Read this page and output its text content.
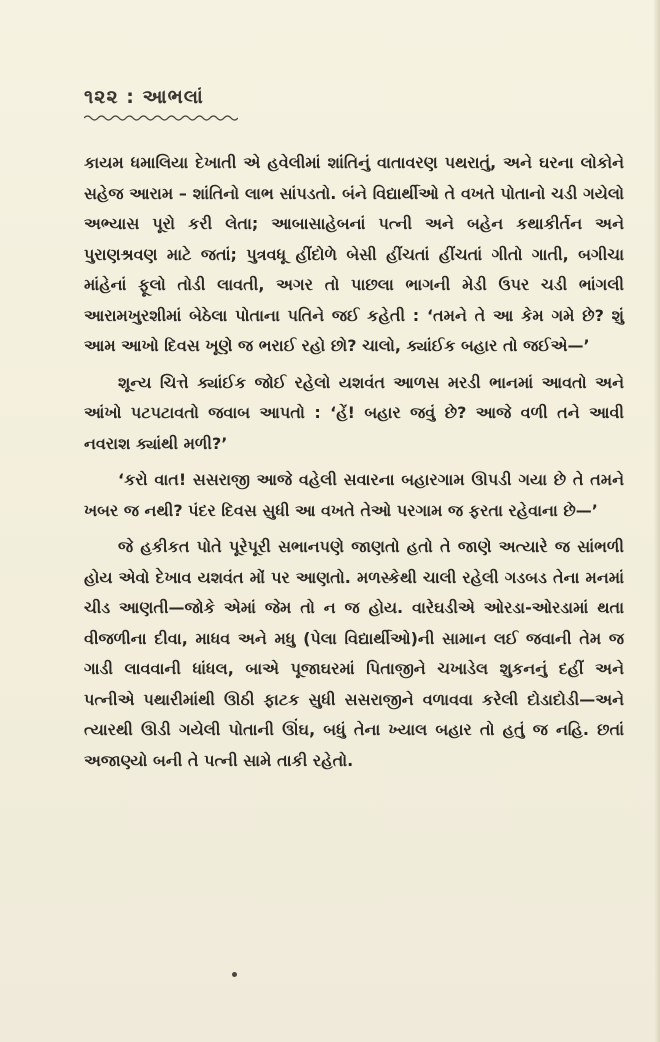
૧૨૨ : આભલાં

કાયમ ધમાલિયા દેખાતી એ હવેલીમાં શાંતિનું વાતાવરણ પથરાતું, અને ઘરના લોકોને સહેજ આરામ – શાંતિનો લાભ સાંપડતો. બંને વિદ્યાર્થીઓ તે વખતે પોતાનો ચડી ગયેલો અભ્યાસ પૂરો કરી લેતા; આબાસાહેબનાં પત્ની અને બહેન કથાકીર્તન અને પુરાણશ્રવણ માટે જતાં; પુત્રવધૂ હીંદોળે બેસી હીંચતાં હીંચતાં ગીતો ગાતી, બગીચા માંહેનાં ફૂલો તોડી લાવતી, અગર તો પાછલા ભાગની મેડી ઉપર ચડી ભાંગલી આરામખુરશીમાં બેઠેલા પોતાના પતિને જઈ કહેતી : ‘તમને તે આ કેમ ગમે છે? શું આમ આખો દિવસ ખૂણે જ ભરાઈ રહો છો? ચાલો, ક્યાંઈક બહાર તો જઈએ—’

શૂન્ય ચિત્તે ક્યાંઈક જોઈ રહેલો યશવંત આળસ મરડી ભાનમાં આવતો અને આંખો પટપટાવતો જવાબ આપતો : ‘હેં! બહાર જવું છે? આજે વળી તને આવી નવરાશ ક્યાંથી મળી?’

‘કરો વાત! સસરાજી આજે વહેલી સવારના બહારગામ ઊપડી ગયા છે તે તમને ખબર જ નથી? પંદર દિવસ સુધી આ વખતે તેઓ પરગામ જ ફરતા રહેવાના છે—’

જે હકીકત પોતે પૂરેપૂરી સભાનપણે જાણતો હતો તે જાણે અત્યારે જ સાંભળી હોય એવો દેખાવ યશવંત મોં પર આણતો. મળસ્કેથી ચાલી રહેલી ગડબડ તેના મનમાં ચીડ આણતી—જોકે એમાં જેમ તો ન જ હોય. વારેઘડીએ ઓરડા-ઓરડામાં થતા વીજળીના દીવા, માધવ અને મધુ (પેલા વિદ્યાર્થીઓ)ની સામાન લઈ જવાની તેમ જ ગાડી લાવવાની ધાંધલ, બાએ પૂજાઘરમાં પિતાજીને ચખાડેલ શુકનનું દહીં અને પત્નીએ પથારીમાંથી ઊઠી ફાટક સુધી સસરાજીને વળાવવા કરેલી દોડાદોડી—અને ત્યારથી ઊડી ગયેલી પોતાની ઊંઘ, બધું તેના ખ્યાલ બહાર તો હતું જ નહિ. છતાં અજાણ્યો બની તે પત્ની સામે તાકી રહેતો.
